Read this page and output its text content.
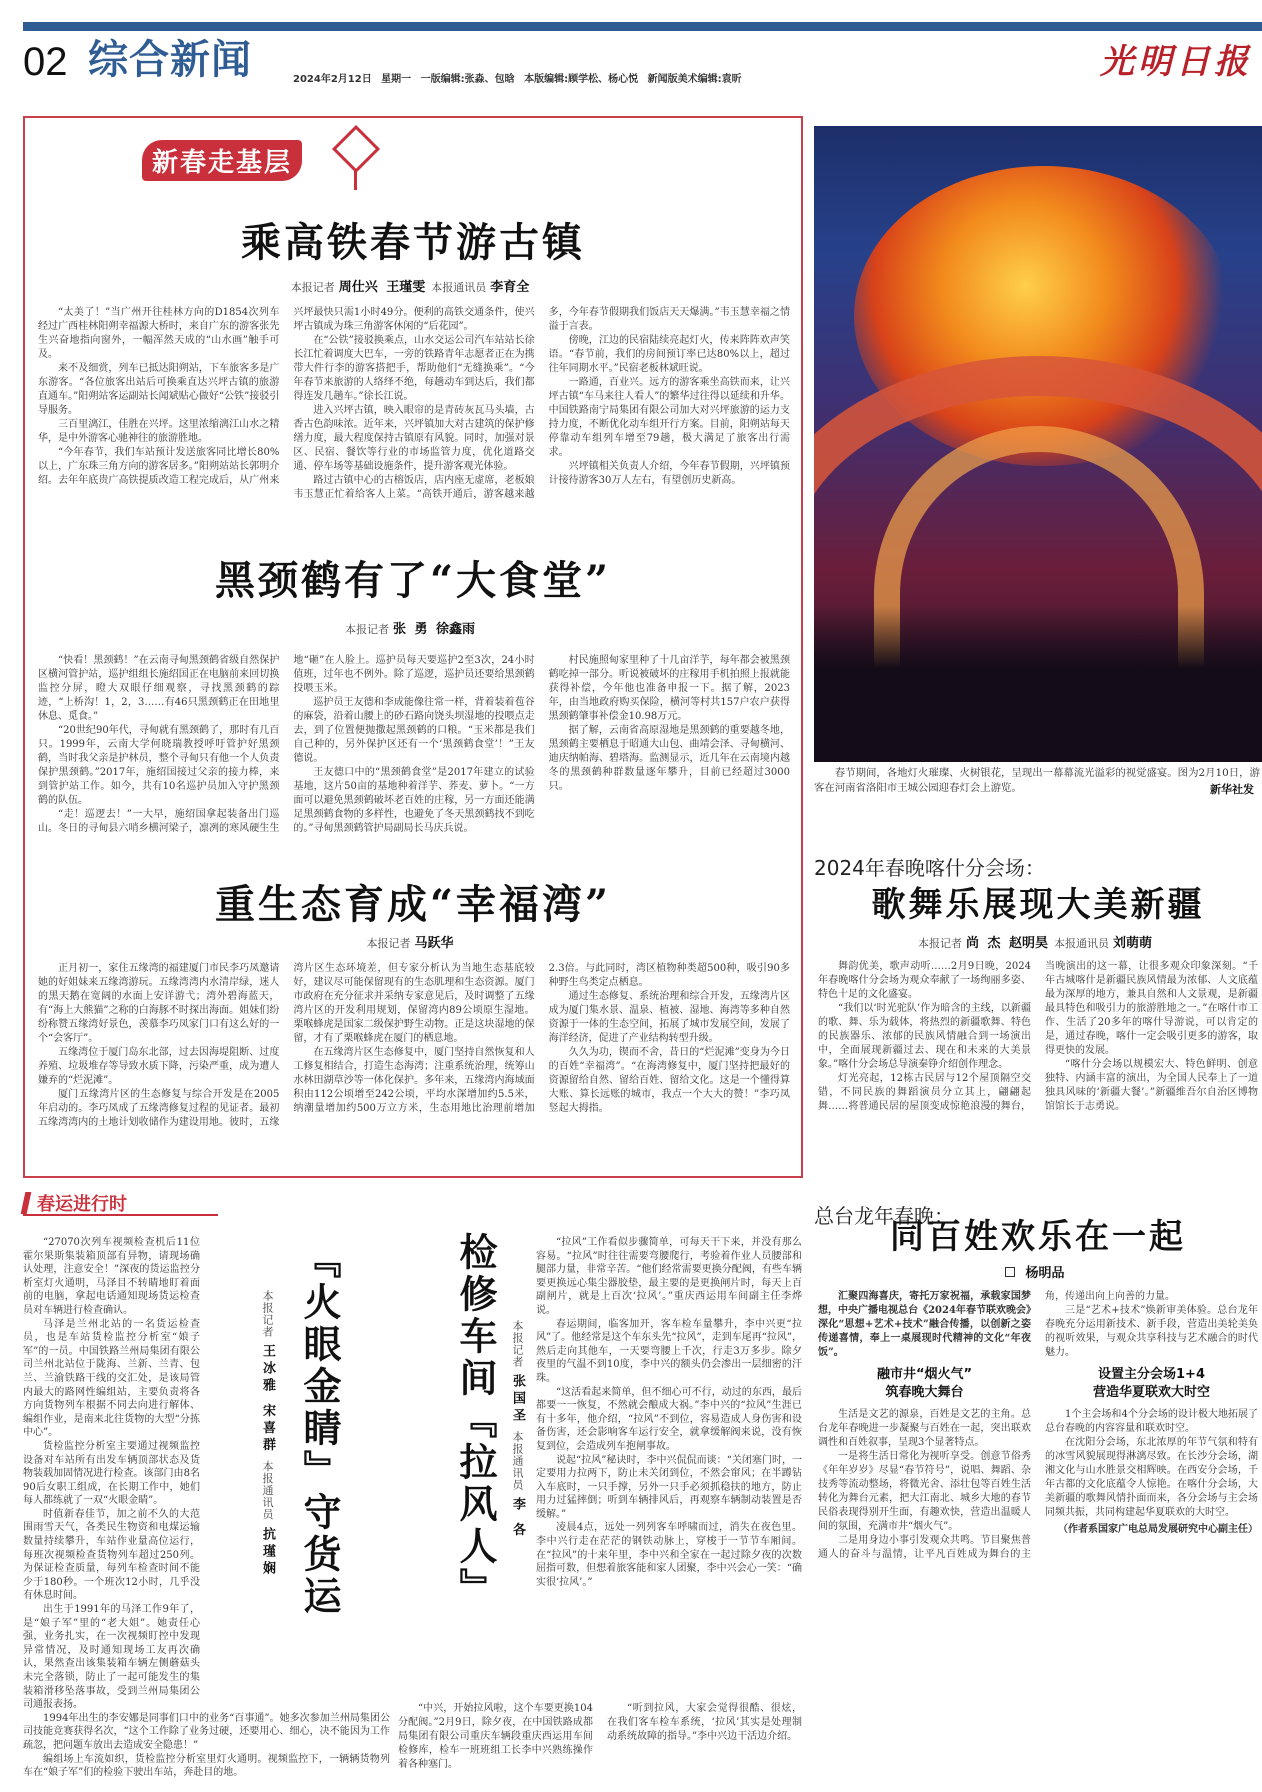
02 综合新闻	2024年2月12日 星期一 一版编辑:张淼、包晗 本版编辑:顾学松、杨心悦 新闻版美术编辑:袁昕	光明日报
新春走基层
乘高铁春节游古镇
本报记者 周仕兴 王瑾雯 本报通讯员 李育全

“太美了！”当广州开往桂林方向的D1854次列车经过广西桂林阳朔幸福源大桥时，来自广东的游客张先生兴奋地指向窗外，一幅浑然天成的“山水画”触手可及。

来不及细赏，列车已抵达阳朔站，下车旅客多是广东游客。“各位旅客出站后可换乘直达兴坪古镇的旅游直通车。”阳朔站客运副站长闻斌贴心做好“公铁”接驳引导服务。

三百里漓江，佳胜在兴坪。这里浓缩漓江山水之精华，是中外游客心驰神往的旅游胜地。

“今年春节，我们车站预计发送旅客同比增长80%以上，广东珠三角方向的游客居多。”阳朔站站长郭明介绍。去年年底贵广高铁提质改造工程完成后，从广州来兴坪最快只需1小时49分。便利的高铁交通条件，使兴坪古镇成为珠三角游客休闲的“后花园”。

在“公铁”接驳换乘点，山水交运公司汽车站站长徐长江忙着调度大巴车，一旁的铁路青年志愿者正在为携带大件行李的游客搭把手，帮助他们“无缝换乘”。“今年春节来旅游的人络绎不绝，每趟动车到达后，我们都得连发几趟车。”徐长江说。

进入兴坪古镇，映入眼帘的是青砖灰瓦马头墙，古香古色韵味浓。近年来，兴坪镇加大对古建筑的保护修缮力度，最大程度保持古镇原有风貌。同时，加强对景区、民宿、餐饮等行业的市场监管力度，优化道路交通、停车场等基础设施条件，提升游客观光体验。

路过古镇中心的古榕饭店，店内座无虚席，老板娘韦玉慧正忙着给客人上菜。“高铁开通后，游客越来越多，今年春节假期我们饭店天天爆满。”韦玉慧幸福之情溢于言表。

傍晚，江边的民宿陆续亮起灯火，传来阵阵欢声笑语。“春节前，我们的房间预订率已达80%以上，超过往年同期水平。”民宿老板林斌旺说。

一路通，百业兴。远方的游客乘坐高铁而来，让兴坪古镇“车马来往人看人”的繁华过往得以延续和升华。中国铁路南宁局集团有限公司加大对兴坪旅游的运力支持力度，不断优化动车组开行方案。目前，阳朔站每天停靠动车组列车增至79趟，极大满足了旅客出行需求。

兴坪镇相关负责人介绍，今年春节假期，兴坪镇预计接待游客30万人左右，有望创历史新高。

黑颈鹤有了“大食堂”
本报记者 张 勇 徐鑫雨

“快看！黑颈鹤！”在云南寻甸黑颈鹤省级自然保护区横河管护站，巡护组组长施绍国正在电脑前来回切换监控分屏，瞪大双眼仔细观察，寻找黑颈鹤的踪迹，“上桥沟！1，2，3……有46只黑颈鹤正在田地里休息、觅食。”

“20世纪90年代，寻甸就有黑颈鹤了，那时有几百只。1999年，云南大学何晓瑞教授呼吁管护好黑颈鹤，当时我父亲是护林员，整个寻甸只有他一个人负责保护黑颈鹤。”2017年，施绍国接过父亲的接力棒，来到管护站工作。如今，共有10名巡护员加入守护黑颈鹤的队伍。

“走！巡逻去！”一大早，施绍国拿起装备出门巡山。冬日的寻甸县六哨乡横河梁子，凛冽的寒风硬生生地“砸”在人脸上。巡护员每天要巡护2至3次，24小时值班，过年也不例外。除了巡逻，巡护员还要给黑颈鹤投喂玉米。

巡护员王友德和李成能像往常一样，背着装着苞谷的麻袋，沿着山腰上的砂石路向饶头坝湿地的投喂点走去，到了位置便抛撒起黑颈鹤的口粮。“玉米都是我们自己种的，另外保护区还有一个‘黑颈鹤食堂’！”王友德说。

王友德口中的“黑颈鹤食堂”是2017年建立的试验基地，这片50亩的基地种着洋芋、荞麦、萝卜。“一方面可以避免黑颈鹤破坏老百姓的庄稼，另一方面还能满足黑颈鹤食物的多样性，也避免了冬天黑颈鹤找不到吃的。”寻甸黑颈鹤管护局副局长马庆兵说。

村民施照甸家里种了十几亩洋芋，每年都会被黑颈鹤吃掉一部分。听说被破坏的庄稼用手机拍照上报就能获得补偿，今年他也准备申报一下。据了解，2023年，由当地政府购买保险，横河等村共157户农户获得黑颈鹤肇事补偿金10.98万元。

据了解，云南省高原湿地是黑颈鹤的重要越冬地，黑颈鹤主要栖息于昭通大山包、曲靖会泽、寻甸横河、迪庆纳帕海、碧塔海。监测显示，近几年在云南境内越冬的黑颈鹤种群数量逐年攀升，目前已经超过3000只。

重生态育成“幸福湾”
本报记者 马跃华

正月初一，家住五缘湾的福建厦门市民李巧凤邀请她的好姐妹来五缘湾游玩。五缘湾湾内水清岸绿，迷人的黑天鹅在宽阔的水面上安详游弋；湾外碧海蓝天，有“海上大熊猫”之称的白海豚不时探出海面。姐妹们纷纷称赞五缘湾好景色，羡慕李巧凤家门口有这么好的一个“会客厅”。

五缘湾位于厦门岛东北部，过去因海堤阻断、过度养殖、垃圾堆存等导致水质下降，污染严重，成为遭人嫌弃的“烂泥滩”。

厦门五缘湾片区的生态修复与综合开发是在2005年启动的。李巧凤成了五缘湾修复过程的见证者。最初五缘湾湾内的土地计划收储作为建设用地。彼时，五缘湾片区生态环境差，但专家分析认为当地生态基底较好，建议尽可能保留现有的生态肌理和生态资源。厦门市政府在充分征求并采纳专家意见后，及时调整了五缘湾片区的开发利用规划，保留湾内89公顷原生湿地。栗喉蜂虎是国家二级保护野生动物。正是这块湿地的保留，才有了栗喉蜂虎在厦门的栖息地。

在五缘湾片区生态修复中，厦门坚持自然恢复和人工修复相结合，打造生态海湾；注重系统治理，统筹山水林田湖草沙等一体化保护。多年来，五缘湾内海域面积由112公顷增至242公顷，平均水深增加约5.5米，纳潮量增加约500万立方米，生态用地比治理前增加2.3倍。与此同时，湾区植物种类超500种，吸引90多种野生鸟类定点栖息。

通过生态修复、系统治理和综合开发，五缘湾片区成为厦门集水景、温泉、植被、湿地、海湾等多种自然资源于一体的生态空间，拓展了城市发展空间，发展了海洋经济，促进了产业结构转型升级。

久久为功，锲而不舍，昔日的“烂泥滩”变身为今日的百姓“幸福湾”。“在海湾修复中，厦门坚持把最好的资源留给自然、留给百姓、留给文化。这是一个懂得算大账、算长远账的城市，我点一个大大的赞！”李巧凤竖起大拇指。

春节期间，各地灯火璀璨、火树银花，呈现出一幕幕流光溢彩的视觉盛宴。图为2月10日，游客在河南省洛阳市王城公园迎春灯会上游览。	新华社发
2024年春晚喀什分会场：
歌舞乐展现大美新疆
本报记者 尚 杰 赵明昊 本报通讯员 刘萌萌

舞韵优美，歌声动听……2月9日晚，2024年春晚喀什分会场为观众奉献了一场绚丽多姿、特色十足的文化盛宴。

“我们以‘时光驼队’作为暗含的主线，以新疆的歌、舞、乐为载体，将热烈的新疆歌舞、特色的民族器乐、浓郁的民族风情融合到一场演出中，全面展现新疆过去、现在和未来的大美景象。”喀什分会场总导演秦铮介绍创作理念。

灯光亮起，12栋古民居与12个屋顶隔空交错，不同民族的舞蹈演员分立其上，翩翩起舞……将普通民居的屋顶变成惊艳浪漫的舞台，当晚演出的这一幕，让很多观众印象深刻。“千年古城喀什是新疆民族风情最为浓郁、人文底蕴最为深厚的地方，兼具自然和人文景观，是新疆最具特色和吸引力的旅游胜地之一。”在喀什市工作、生活了20多年的喀什导游说，可以肯定的是，通过春晚，喀什一定会吸引更多的游客，取得更快的发展。

“喀什分会场以规模宏大、特色鲜明、创意独特、内涵丰富的演出，为全国人民奉上了一道独具风味的‘新疆大餐’。”新疆维吾尔自治区博物馆馆长于志勇说。

春运进行时

“27070次列车视频检查机后11位霍尔果斯集装箱顶部有异物，请现场确认处理，注意安全！”深夜的货运监控分析室灯火通明，马泽目不转睛地盯着面前的电脑，拿起电话通知现场货运检查员对车辆进行检查确认。

马泽是兰州北站的一名货运检查员，也是车站货检监控分析室“娘子军”的一员。中国铁路兰州局集团有限公司兰州北站位于陇海、兰新、兰青、包兰、兰渝铁路干线的交汇处，是该局管内最大的路网性编组站，主要负责将各方向货物列车根据不同去向进行解体、编组作业，是南来北往货物的大型“分拣中心”。

货检监控分析室主要通过视频监控设备对车站所有出发车辆顶部状态及货物装载加固情况进行检查。该部门由8名90后女职工组成，在长期工作中，她们每人都练就了一双“火眼金睛”。

时值新春佳节，加之前不久的大范围雨雪天气，各类民生物资和电煤运输数量持续攀升，车站作业量高位运行，每班次视频检查货物列车超过250列。为保证检查质量，每列车检查时间不能少于180秒。一个班次12小时，几乎没有休息时间。

出生于1991年的马泽工作9年了，是“娘子军”里的“老大姐”。她责任心强，业务扎实，在一次视频盯控中发现异常情况，及时通知现场工友再次确认，果然查出该集装箱车辆左侧蘑菇头未完全落锁，防止了一起可能发生的集装箱滑移坠落事故，受到兰州局集团公司通报表扬。

1994年出生的李安娜是同事们口中的业务“百事通”。她多次参加兰州局集团公司技能竞赛获得名次，“这个工作除了业务过硬，还要用心、细心，决不能因为工作疏忽，把问题车放出去造成安全隐患！”

编组场上车流如织，货检监控分析室里灯火通明。视频监控下，一辆辆货物列车在“娘子军”们的检验下驶出车站，奔赴目的地。

本报记者王冰雅 宋喜群本报通讯员抗瑾娴 『火眼金睛』守货运	检修车间『拉风人』	本报记者张国圣本报通讯员李 各

“拉风”工作看似步骤简单，可每天干下来，并没有那么容易。“拉风”时往往需要弯腰爬行，考验着作业人员腰部和腿部力量，非常辛苦。“他们经常需要更换分配阀，有些车辆要更换远心集尘器胶垫，最主要的是更换闸片时，每天上百副闸片，就是上百次‘拉风’。”重庆西运用车间副主任李烨说。

春运期间，临客加开，客车检车量攀升，李中兴更“拉风”了。他经常是这个车东头先“拉风”，走到车尾再“拉风”，然后走向其他车，一天要弯腰上千次，行走3万多步。除夕夜里的气温不到10度，李中兴的额头仍会渗出一层细密的汗珠。

“这活看起来简单，但不细心可不行，动过的东西，最后都要一一恢复，不然就会酿成大祸。”李中兴的“拉风”生涯已有十多年，他介绍，“拉风”不到位，容易造成人身伤害和设备伤害，还会影响客车运行安全，就拿缓解阀来说，没有恢复到位，会造成列车抱闸事故。

说起“拉风”秘诀时，李中兴侃侃而谈：“关闭塞门时，一定要用力拉两下，防止未关闭到位，不然会窜风；在半蹲钻入车底时，一只手撑，另外一只手必须抓稳扶的地方，防止用力过猛摔倒；听到车辆排风后，再观察车辆制动装置是否缓解。”

凌晨4点，远处一列列客车呼啸而过，消失在夜色里。李中兴行走在茫茫的钢铁动脉上，穿梭于一节节车厢间。在“拉风”的十来年里，李中兴和全家在一起过除夕夜的次数屈指可数，但想着旅客能和家人团聚，李中兴会心一笑：“确实很‘拉风’。”

“中兴，开始拉风啦，这个车要更换104分配阀。”2月9日，除夕夜，在中国铁路成都局集团有限公司重庆车辆段重庆西运用车间检修库，检车一班班组工长李中兴熟练操作着各种塞门。

“听到拉风，大家会觉得很酷、很炫，在我们客车检车系统，‘拉风’其实是处理制动系统故障的指导。”李中兴边干活边介绍。

总台龙年春晚：
同百姓欢乐在一起
杨明品

汇聚四海喜庆，寄托万家祝福，承载家国梦想，中央广播电视总台《2024年春节联欢晚会》深化“思想+艺术+技术”融合传播，以创新之姿传递喜情，奉上一桌展现时代精神的文化“年夜饭”。

融市井“烟火气”
筑春晚大舞台

生活是文艺的源泉，百姓是文艺的主角。总台龙年春晚进一步凝聚与百姓在一起，突出联欢调性和百姓叙事，呈现3个显著特点。

一是将生活日常化为视听享受。创意节俗秀《年年岁岁》尽显“春节符号”，说唱、舞蹈、杂技秀等流动整场，将微光舍、添壮包等百姓生活转化为舞台元素，把大江南北、城乡大地的春节民俗表现得别开生面，有趣欢快，营造出温暖人间的氛围，充满市井“烟火气”。

二是用身边小事引发观众共鸣。节目聚焦普通人的奋斗与温情，让平凡百姓成为舞台的主角，传递出向上向善的力量。

三是“艺术+技术”焕新审美体验。总台龙年春晚充分运用新技术、新手段，营造出美轮美奂的视听效果，与观众共享科技与艺术融合的时代魅力。

设置主分会场1+4
营造华夏联欢大时空

1个主会场和4个分会场的设计极大地拓展了总台春晚的内容容量和联欢时空。

在沈阳分会场，东北浓厚的年节气氛和特有的冰雪风貌展现得淋漓尽致。在长沙分会场，湖湘文化与山水胜景交相辉映。在西安分会场，千年古都的文化底蕴令人惊艳。在喀什分会场，大美新疆的歌舞风情扑面而来，各分会场与主会场同频共振，共同构建起华夏联欢的大时空。

（作者系国家广电总局发展研究中心副主任）
